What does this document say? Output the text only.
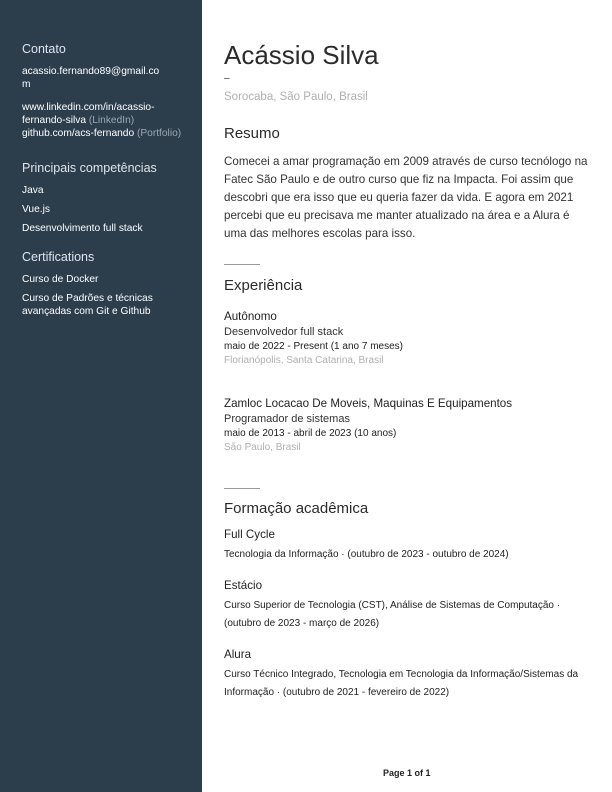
Contato
acassio.fernando89@gmail.co
m
www.linkedin.com/in/acassio-
fernando-silva (LinkedIn)
github.com/acs-fernando (Portfolio)
Principais competências
Java
Vue.js
Desenvolvimento full stack
Certifications
Curso de Docker
Curso de Padrões e técnicas
avançadas com Git e Github
Acássio Silva
–
Sorocaba, São Paulo, Brasil
Resumo
Comecei a amar programação em 2009 através de curso tecnólogo na Fatec São Paulo e de outro curso que fiz na Impacta. Foi assim que descobri que era isso que eu queria fazer da vida. E agora em 2021 percebi que eu precisava me manter atualizado na área e a Alura é uma das melhores escolas para isso.
Experiência
Autônomo
Desenvolvedor full stack
maio de 2022 - Present (1 ano 7 meses)
Florianópolis, Santa Catarina, Brasil
Zamloc Locacao De Moveis, Maquinas E Equipamentos
Programador de sistemas
maio de 2013 - abril de 2023 (10 anos)
São Paulo, Brasil
Formação acadêmica
Full Cycle
Tecnologia da Informação · (outubro de 2023 - outubro de 2024)
Estácio
Curso Superior de Tecnologia (CST), Análise de Sistemas de Computação · (outubro de 2023 - março de 2026)
Alura
Curso Técnico Integrado, Tecnologia em Tecnologia da Informação/Sistemas da Informação · (outubro de 2021 - fevereiro de 2022)
Page 1 of 1
